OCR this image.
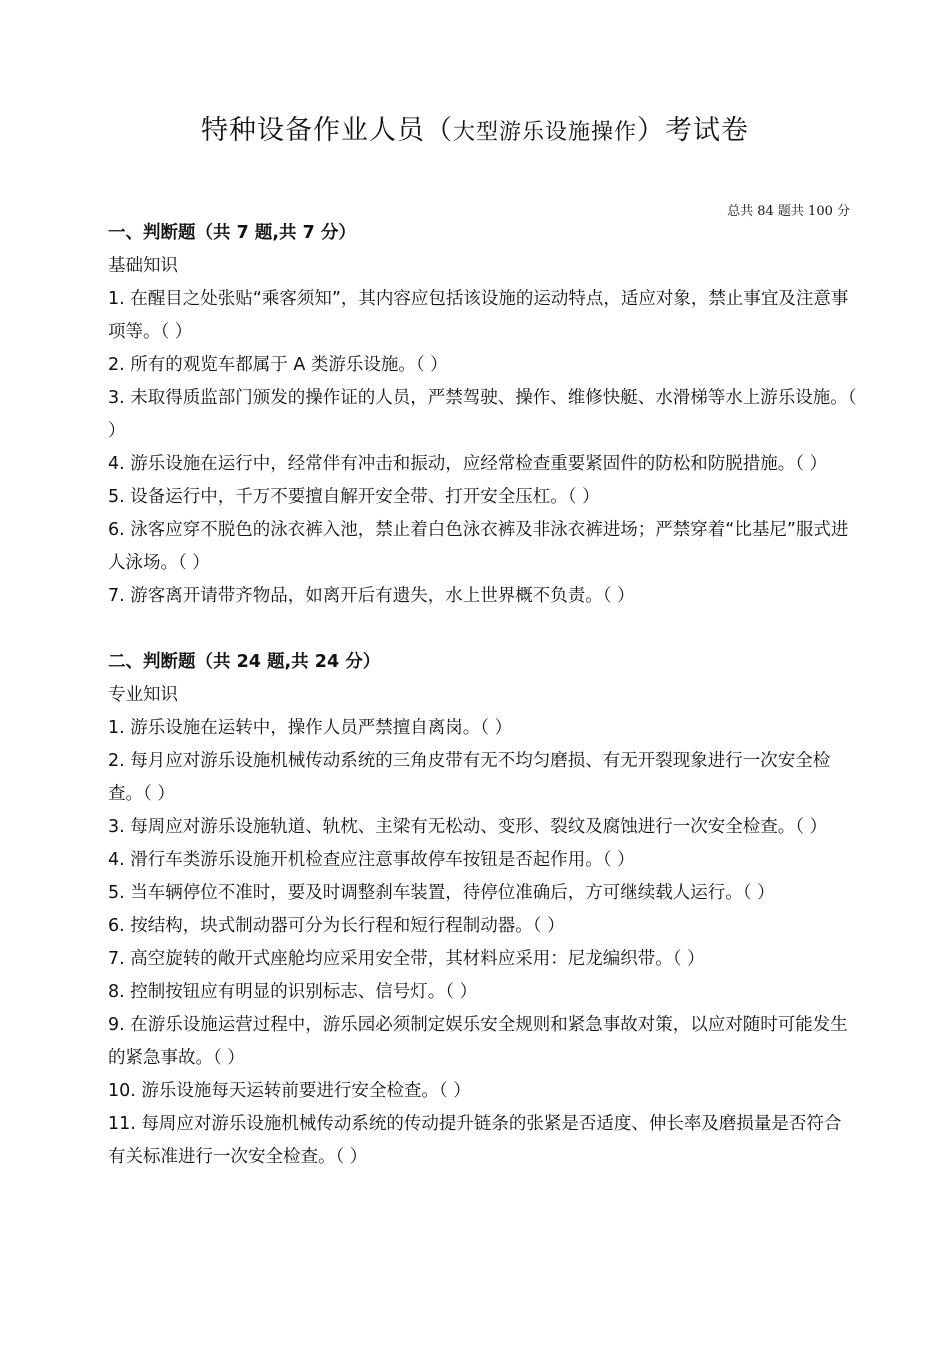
特种设备作业人员（大型游乐设施操作）考试卷
总共 84 题共 100 分
一、判断题（共 7 题,共 7 分）
基础知识
1. 在醒目之处张贴“乘客须知”，其内容应包括该设施的运动特点，适应对象，禁止事宜及注意事项等。（ ）
2. 所有的观览车都属于 A 类游乐设施。（ ）
3. 未取得质监部门颁发的操作证的人员，严禁驾驶、操作、维修快艇、水滑梯等水上游乐设施。（ ）
4. 游乐设施在运行中，经常伴有冲击和振动，应经常检查重要紧固件的防松和防脱措施。（ ）
5. 设备运行中，千万不要擅自解开安全带、打开安全压杠。（ ）
6. 泳客应穿不脱色的泳衣裤入池，禁止着白色泳衣裤及非泳衣裤进场；严禁穿着“比基尼”服式进人泳场。（ ）
7. 游客离开请带齐物品，如离开后有遗失，水上世界概不负责。（ ）
二、判断题（共 24 题,共 24 分）
专业知识
1. 游乐设施在运转中，操作人员严禁擅自离岗。（ ）
2. 每月应对游乐设施机械传动系统的三角皮带有无不均匀磨损、有无开裂现象进行一次安全检查。（ ）
3. 每周应对游乐设施轨道、轨枕、主梁有无松动、变形、裂纹及腐蚀进行一次安全检查。（ ）
4. 滑行车类游乐设施开机检查应注意事故停车按钮是否起作用。（ ）
5. 当车辆停位不准时，要及时调整刹车装置，待停位准确后，方可继续载人运行。（ ）
6. 按结构，块式制动器可分为长行程和短行程制动器。（ ）
7. 高空旋转的敞开式座舱均应采用安全带，其材料应采用：尼龙编织带。（ ）
8. 控制按钮应有明显的识别标志、信号灯。（ ）
9. 在游乐设施运营过程中，游乐园必须制定娱乐安全规则和紧急事故对策，以应对随时可能发生的紧急事故。（ ）
10. 游乐设施每天运转前要进行安全检查。（ ）
11. 每周应对游乐设施机械传动系统的传动提升链条的张紧是否适度、伸长率及磨损量是否符合有关标准进行一次安全检查。（ ）
